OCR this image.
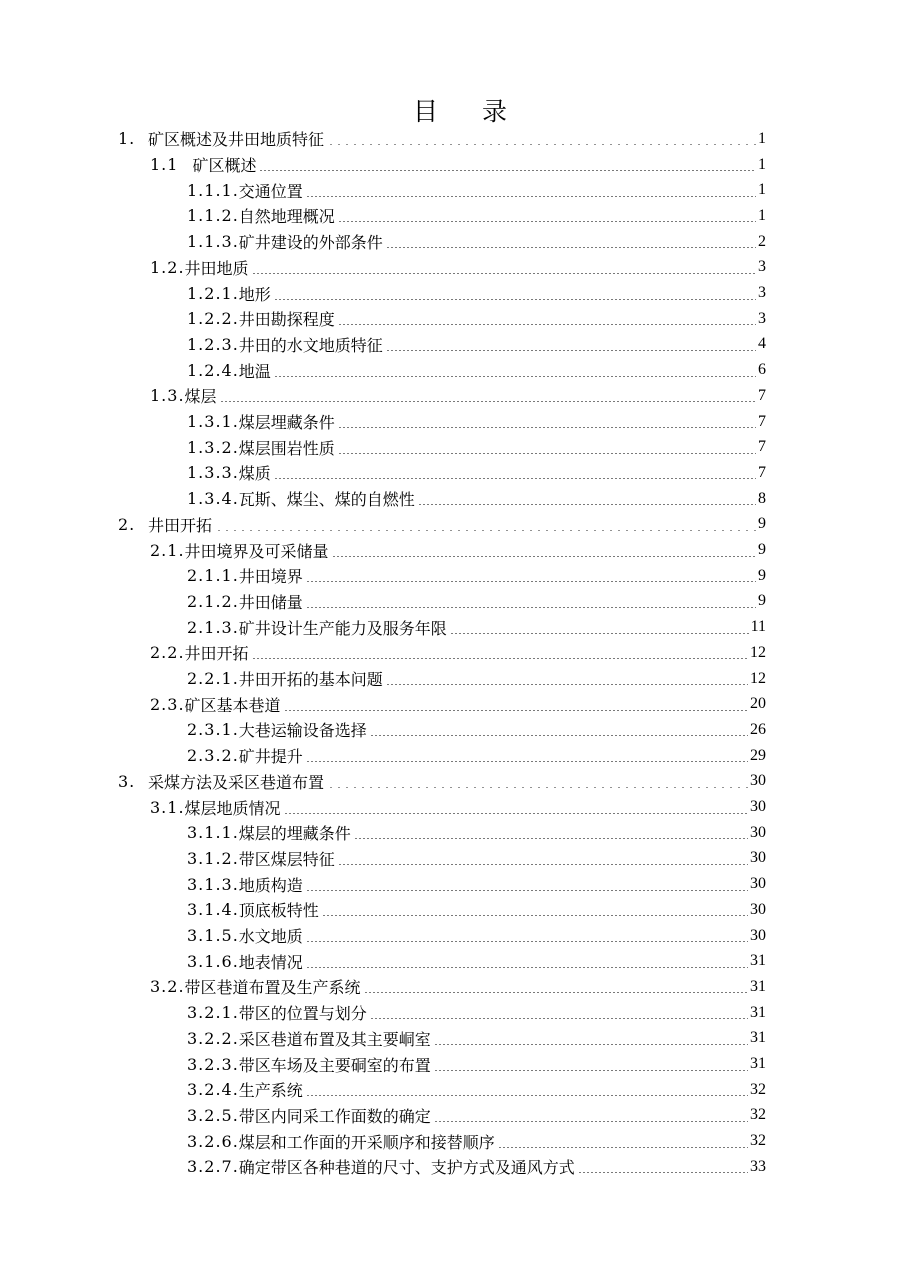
目录
1. 矿区概述及井田地质特征	1
1.1 矿区概述	1
1.1.1. 交通位置	1
1.1.2. 自然地理概况	1
1.1.3. 矿井建设的外部条件	2
1.2. 井田地质	3
1.2.1. 地形	3
1.2.2. 井田勘探程度	3
1.2.3. 井田的水文地质特征	4
1.2.4. 地温	6
1.3. 煤层	7
1.3.1. 煤层埋藏条件	7
1.3.2. 煤层围岩性质	7
1.3.3. 煤质	7
1.3.4. 瓦斯、煤尘、煤的自燃性	8
2. 井田开拓	9
2.1. 井田境界及可采储量	9
2.1.1. 井田境界	9
2.1.2. 井田储量	9
2.1.3. 矿井设计生产能力及服务年限	11
2.2. 井田开拓	12
2.2.1. 井田开拓的基本问题	12
2.3. 矿区基本巷道	20
2.3.1. 大巷运输设备选择	26
2.3.2. 矿井提升	29
3. 采煤方法及采区巷道布置	30
3.1. 煤层地质情况	30
3.1.1. 煤层的埋藏条件	30
3.1.2. 带区煤层特征	30
3.1.3. 地质构造	30
3.1.4. 顶底板特性	30
3.1.5. 水文地质	30
3.1.6. 地表情况	31
3.2. 带区巷道布置及生产系统	31
3.2.1. 带区的位置与划分	31
3.2.2. 采区巷道布置及其主要峒室	31
3.2.3. 带区车场及主要硐室的布置	31
3.2.4. 生产系统	32
3.2.5. 带区内同采工作面数的确定	32
3.2.6. 煤层和工作面的开采顺序和接替顺序	32
3.2.7. 确定带区各种巷道的尺寸、支护方式及通风方式	33
